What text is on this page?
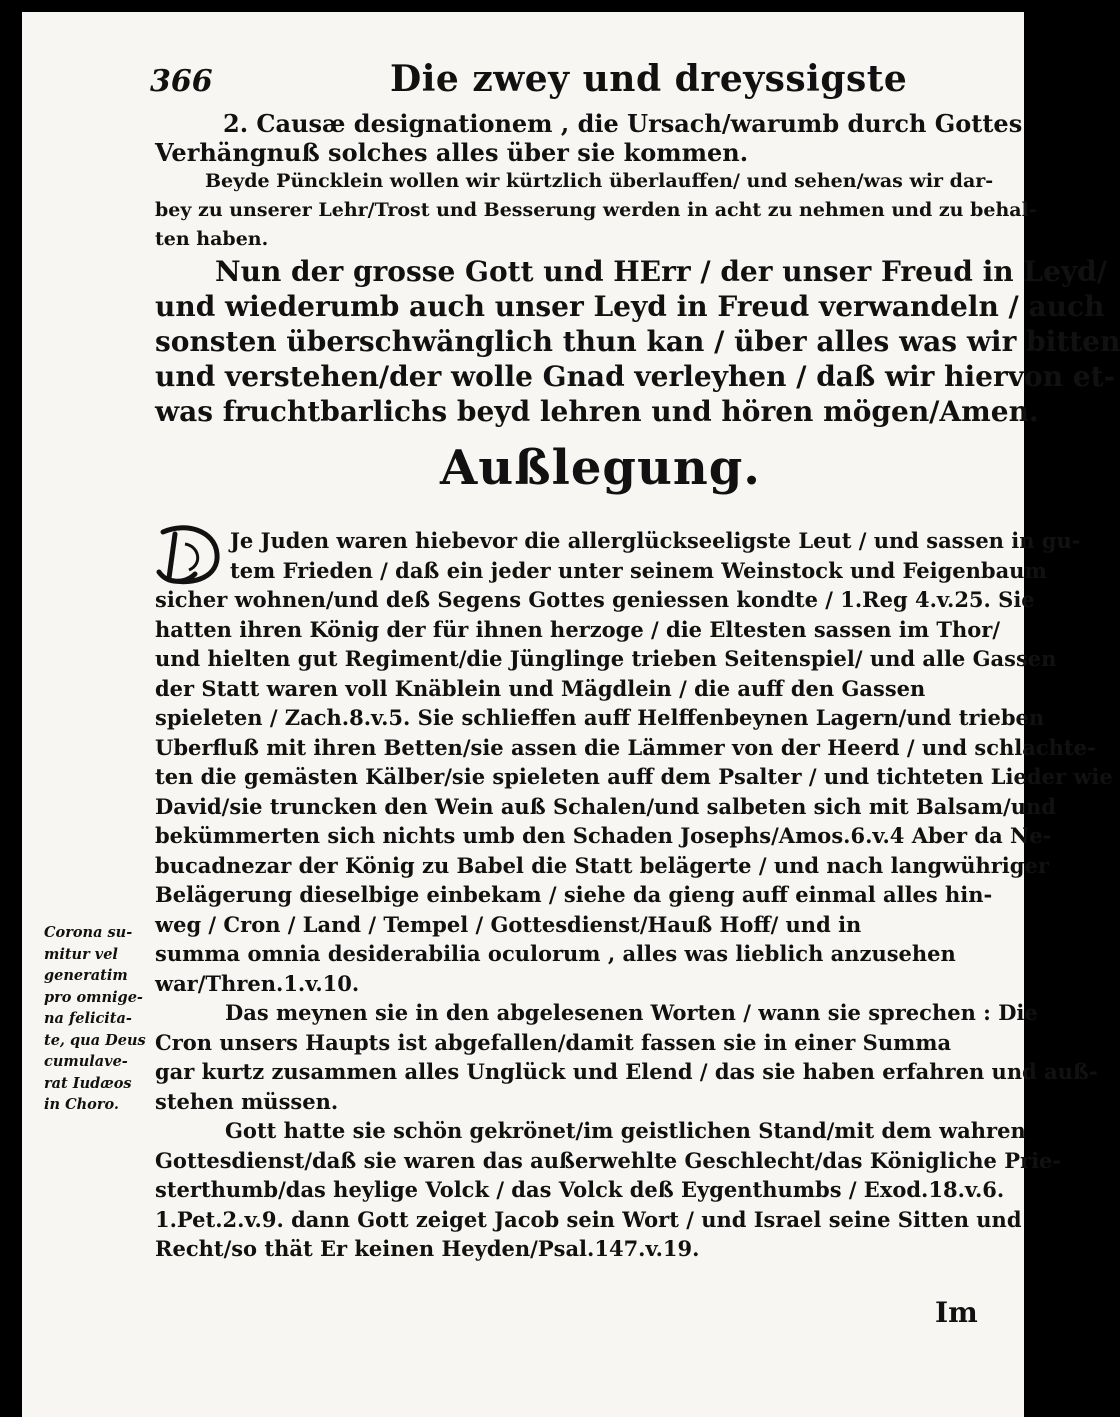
366	Die zwey und dreyssigste
2. Causæ designationem , die Ursach/warumb durch Gottes
Verhängnuß solches alles über sie kommen.
Beyde Püncklein wollen wir kürtzlich überlauffen/ und sehen/was wir dar-
bey zu unserer Lehr/Trost und Besserung werden in acht zu nehmen und zu behal-
ten haben.
Nun der grosse Gott und HErr / der unser Freud in Leyd/
und wiederumb auch unser Leyd in Freud verwandeln / auch
sonsten überschwänglich thun kan / über alles was wir bitten
und verstehen/der wolle Gnad verleyhen / daß wir hiervon et-
was fruchtbarlichs beyd lehren und hören mögen/Amen.
Außlegung.
Je Juden waren hiebevor die allerglückseeligste Leut / und sassen in gu-
tem Frieden / daß ein jeder unter seinem Weinstock und Feigenbaum
sicher wohnen/und deß Segens Gottes geniessen kondte / 1.Reg 4.v.25. Sie
hatten ihren König der für ihnen herzoge / die Eltesten sassen im Thor/
und hielten gut Regiment/die Jünglinge trieben Seitenspiel/ und alle Gassen
der Statt waren voll Knäblein und Mägdlein / die auff den Gassen
spieleten / Zach.8.v.5. Sie schlieffen auff Helffenbeynen Lagern/und trieben
Uberfluß mit ihren Betten/sie assen die Lämmer von der Heerd / und schlachte-
ten die gemästen Kälber/sie spieleten auff dem Psalter / und tichteten Lieder wie
David/sie truncken den Wein auß Schalen/und salbeten sich mit Balsam/und
bekümmerten sich nichts umb den Schaden Josephs/Amos.6.v.4 Aber da Ne-
bucadnezar der König zu Babel die Statt belägerte / und nach langwühriger
Belägerung dieselbige einbekam / siehe da gieng auff einmal alles hin-
weg / Cron / Land / Tempel / Gottesdienst/Hauß Hoff/ und in
summa omnia desiderabilia oculorum , alles was lieblich anzusehen
war/Thren.1.v.10.
Das meynen sie in den abgelesenen Worten / wann sie sprechen : Die
Cron unsers Haupts ist abgefallen/damit fassen sie in einer Summa
gar kurtz zusammen alles Unglück und Elend / das sie haben erfahren und auß-
stehen müssen.
Gott hatte sie schön gekrönet/im geistlichen Stand/mit dem wahren
Gottesdienst/daß sie waren das außerwehlte Geschlecht/das Königliche Prie-
sterthumb/das heylige Volck / das Volck deß Eygenthumbs / Exod.18.v.6.
1.Pet.2.v.9. dann Gott zeiget Jacob sein Wort / und Israel seine Sitten und
Recht/so thät Er keinen Heyden/Psal.147.v.19.
Corona su-
mitur vel
generatim
pro omnige-
na felicita-
te, qua Deus
cumulave-
rat Iudæos
in Choro.
Im
